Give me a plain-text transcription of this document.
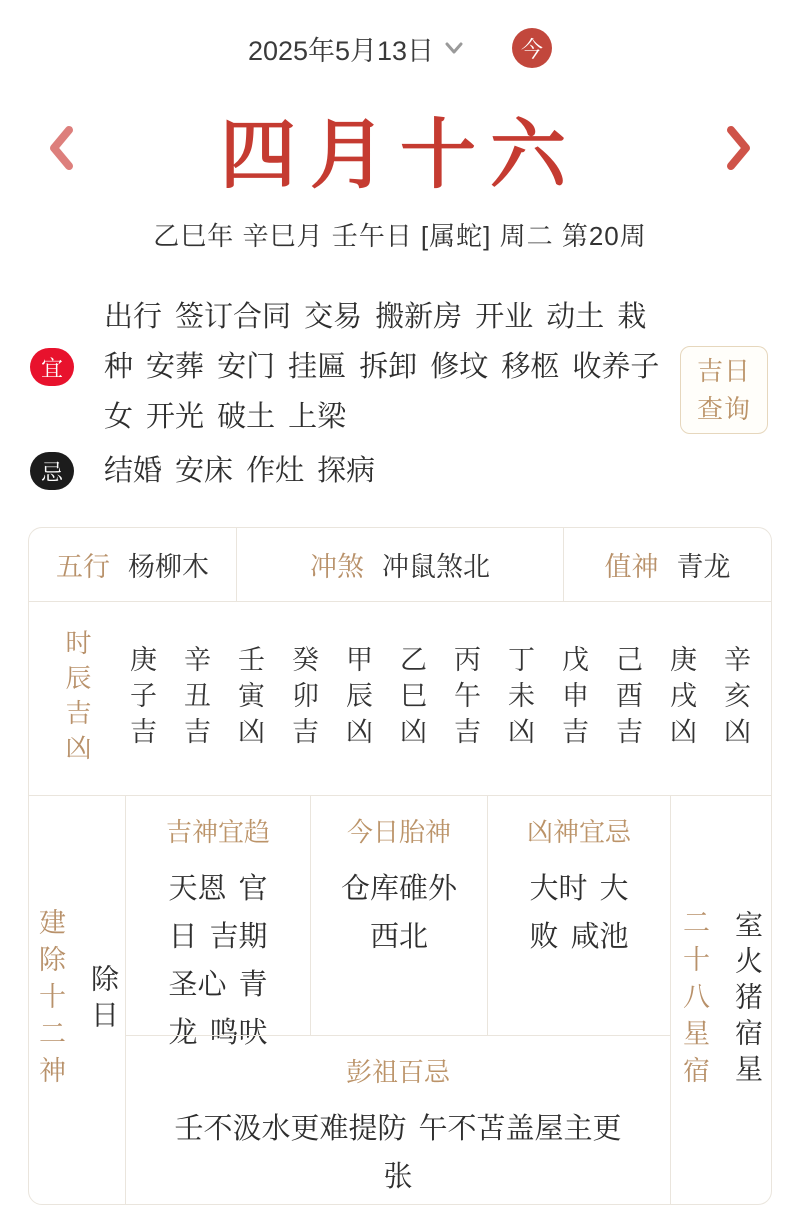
2025年5月13日	今
四月十六
乙巳年 辛巳月 壬午日 [属蛇] 周二 第20周
宜
出行 签订合同 交易 搬新房 开业 动土 栽种 安葬 安门 挂匾 拆卸 修坟 移柩 收养子女 开光 破土 上梁
吉日查询
忌	结婚 安床 作灶 探病
五行 杨柳木	冲煞 冲鼠煞北	值神 青龙
时辰吉凶 庚子吉 辛丑吉 壬寅凶 癸卯吉 甲辰凶 乙巳凶 丙午吉 丁未凶 戊申吉 己酉吉 庚戌凶 辛亥凶
建除十二神 除日
吉神宜趋
天恩 官日 吉期 圣心 青龙 鸣吠
今日胎神
仓库碓外西北
凶神宜忌
大时 大败 咸池	二十八星宿 室火猪宿星
彭祖百忌
壬不汲水更难提防 午不苫盖屋主更张
